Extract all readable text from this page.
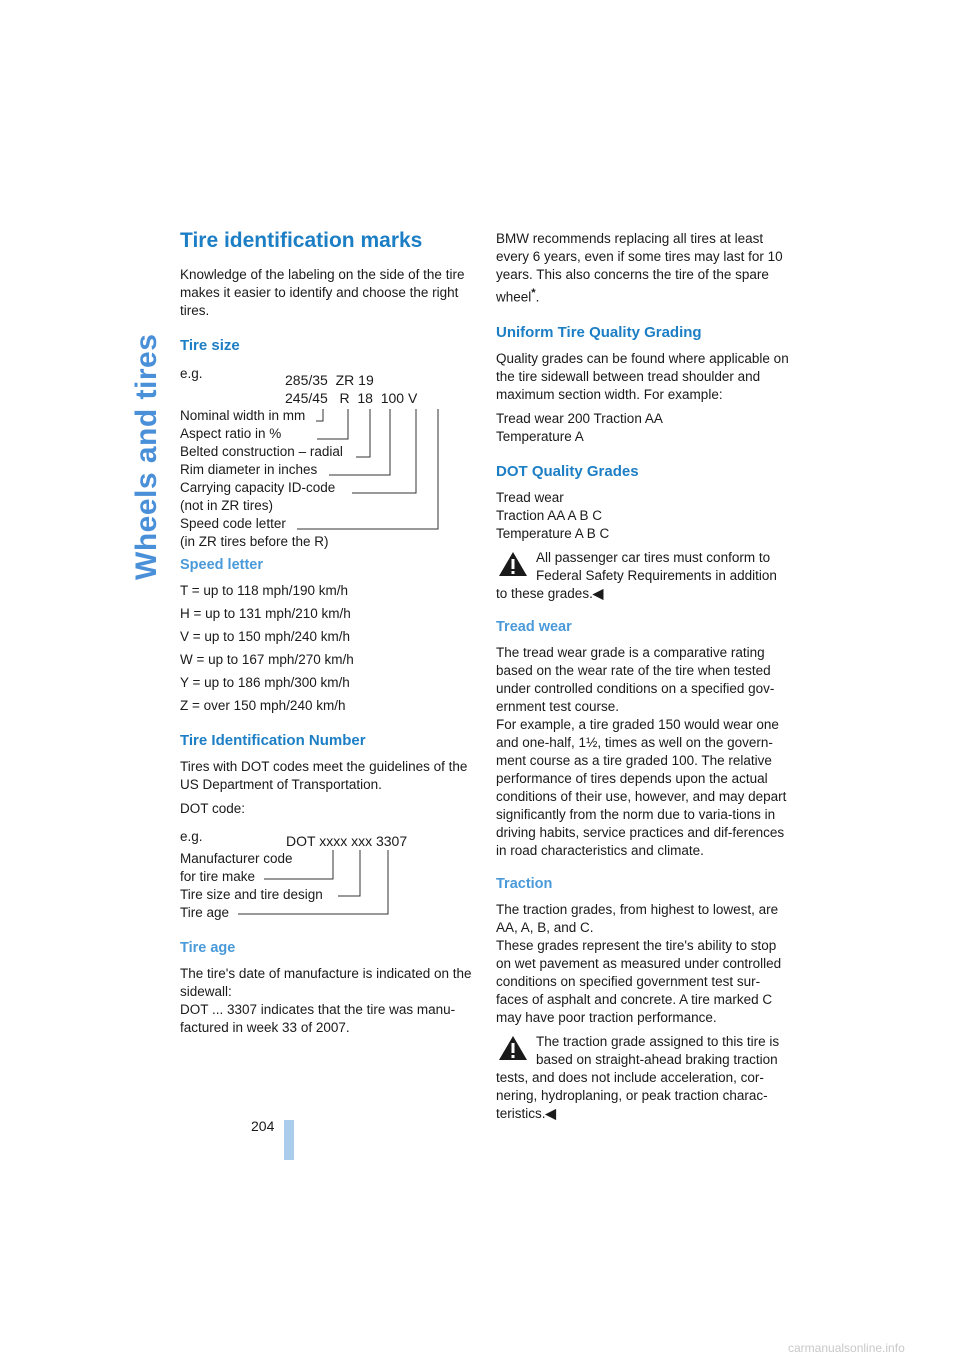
Wheels and tires
Tire identification marks

Knowledge of the labeling on the side of the tire makes it easier to identify and choose the right tires.

Tire size
e.g.	285/35  ZR 19
245/45   R  18  100 V
Nominal width in mm
Aspect ratio in %
Belted construction – radial
Rim diameter in inches
Carrying capacity ID-code
(not in ZR tires)
Speed code letter
(in ZR tires before the R)
Speed letter

T = up to 118 mph/190 km/h

H = up to 131 mph/210 km/h

V = up to 150 mph/240 km/h

W = up to 167 mph/270 km/h

Y = up to 186 mph/300 km/h

Z = over 150 mph/240 km/h

Tire Identification Number

Tires with DOT codes meet the guidelines of the US Department of Transportation.

DOT code:

e.g.	DOT xxxx xxx 3307
Manufacturer code
for tire make
Tire size and tire design
Tire age
Tire age

The tire's date of manufacture is indicated on the sidewall:

DOT ... 3307 indicates that the tire was manu-factured in week 33 of 2007.

BMW recommends replacing all tires at least every 6 years, even if some tires may last for 10 years. This also concerns the tire of the spare wheel*.

Uniform Tire Quality Grading

Quality grades can be found where applicable on the tire sidewall between tread shoulder and maximum section width. For example:

Tread wear 200 Traction AA

Temperature A

DOT Quality Grades

Tread wear

Traction AA A B C

Temperature A B C

All passenger car tires must conform to Federal Safety Requirements in addition to these grades.◀
Tread wear

The tread wear grade is a comparative rating based on the wear rate of the tire when tested under controlled conditions on a specified gov-ernment test course.

For example, a tire graded 150 would wear one and one-half, 1½, times as well on the govern-ment course as a tire graded 100. The relative performance of tires depends upon the actual conditions of their use, however, and may depart significantly from the norm due to varia-tions in driving habits, service practices and dif-ferences in road characteristics and climate.

Traction

The traction grades, from highest to lowest, are AA, A, B, and C.

These grades represent the tire's ability to stop on wet pavement as measured under controlled conditions on specified government test sur-faces of asphalt and concrete. A tire marked C may have poor traction performance.

The traction grade assigned to this tire is based on straight-ahead braking traction tests, and does not include acceleration, cor-nering, hydroplaning, or peak traction charac-teristics.◀
204
carmanualsonline.info
